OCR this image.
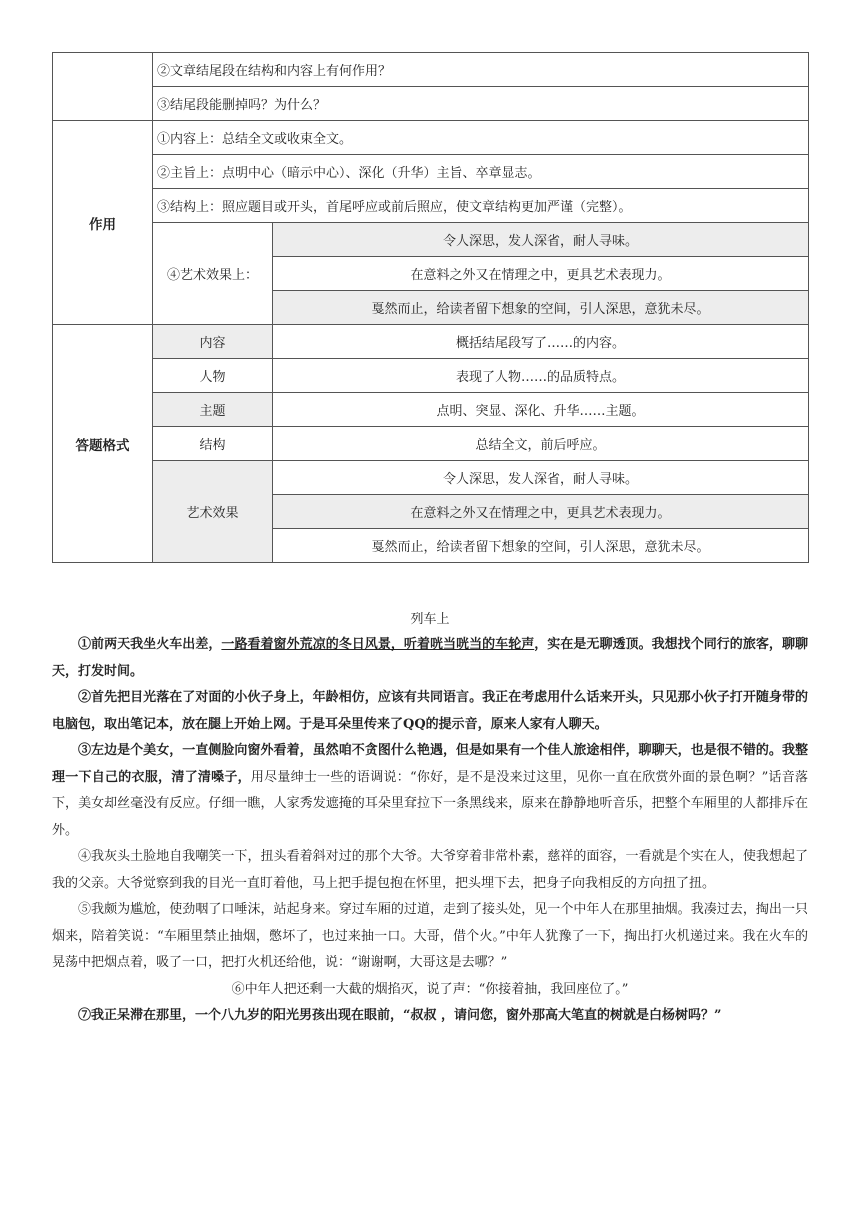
	②文章结尾段在结构和内容上有何作用？	
	③结尾段能删掉吗？为什么？	
作用	①内容上：总结全文或收束全文。	
	②主旨上：点明中心（暗示中心）、深化（升华）主旨、卒章显志。	
	③结构上：照应题目或开头，首尾呼应或前后照应，使文章结构更加严谨（完整）。	
	④艺术效果上：	令人深思，发人深省，耐人寻味。
		在意料之外又在情理之中，更具艺术表现力。
		戛然而止，给读者留下想象的空间，引人深思，意犹未尽。
答题格式	内容	概括结尾段写了……的内容。
	人物	表现了人物……的品质特点。
	主题	点明、突显、深化、升华……主题。
	结构	总结全文，前后呼应。
	艺术效果	令人深思，发人深省，耐人寻味。
		在意料之外又在情理之中，更具艺术表现力。
		戛然而止，给读者留下想象的空间，引人深思，意犹未尽。
列车上

①前两天我坐火车出差，一路看着窗外荒凉的冬日风景，听着咣当咣当的车轮声，实在是无聊透顶。我想找个同行的旅客，聊聊天，打发时间。

②首先把目光落在了对面的小伙子身上，年龄相仿，应该有共同语言。我正在考虑用什么话来开头，只见那小伙子打开随身带的电脑包，取出笔记本，放在腿上开始上网。于是耳朵里传来了QQ的提示音，原来人家有人聊天。

③左边是个美女，一直侧脸向窗外看着，虽然咱不贪图什么艳遇，但是如果有一个佳人旅途相伴，聊聊天，也是很不错的。我整理一下自己的衣服，清了清嗓子，用尽量绅士一些的语调说：“你好，是不是没来过这里，见你一直在欣赏外面的景色啊？”话音落下，美女却丝毫没有反应。仔细一瞧，人家秀发遮掩的耳朵里耷拉下一条黑线来，原来在静静地听音乐，把整个车厢里的人都排斥在外。

④我灰头土脸地自我嘲笑一下，扭头看着斜对过的那个大爷。大爷穿着非常朴素，慈祥的面容，一看就是个实在人，使我想起了我的父亲。大爷觉察到我的目光一直盯着他，马上把手提包抱在怀里，把头埋下去，把身子向我相反的方向扭了扭。

⑤我颇为尴尬，使劲咽了口唾沫，站起身来。穿过车厢的过道，走到了接头处，见一个中年人在那里抽烟。我凑过去，掏出一只烟来，陪着笑说：“车厢里禁止抽烟，憋坏了，也过来抽一口。大哥，借个火。”中年人犹豫了一下，掏出打火机递过来。我在火车的晃荡中把烟点着，吸了一口，把打火机还给他，说：“谢谢啊，大哥这是去哪？”

⑥中年人把还剩一大截的烟掐灭，说了声：“你接着抽，我回座位了。”

⑦我正呆滞在那里，一个八九岁的阳光男孩出现在眼前，“叔叔 ，请问您，窗外那高大笔直的树就是白杨树吗？”
